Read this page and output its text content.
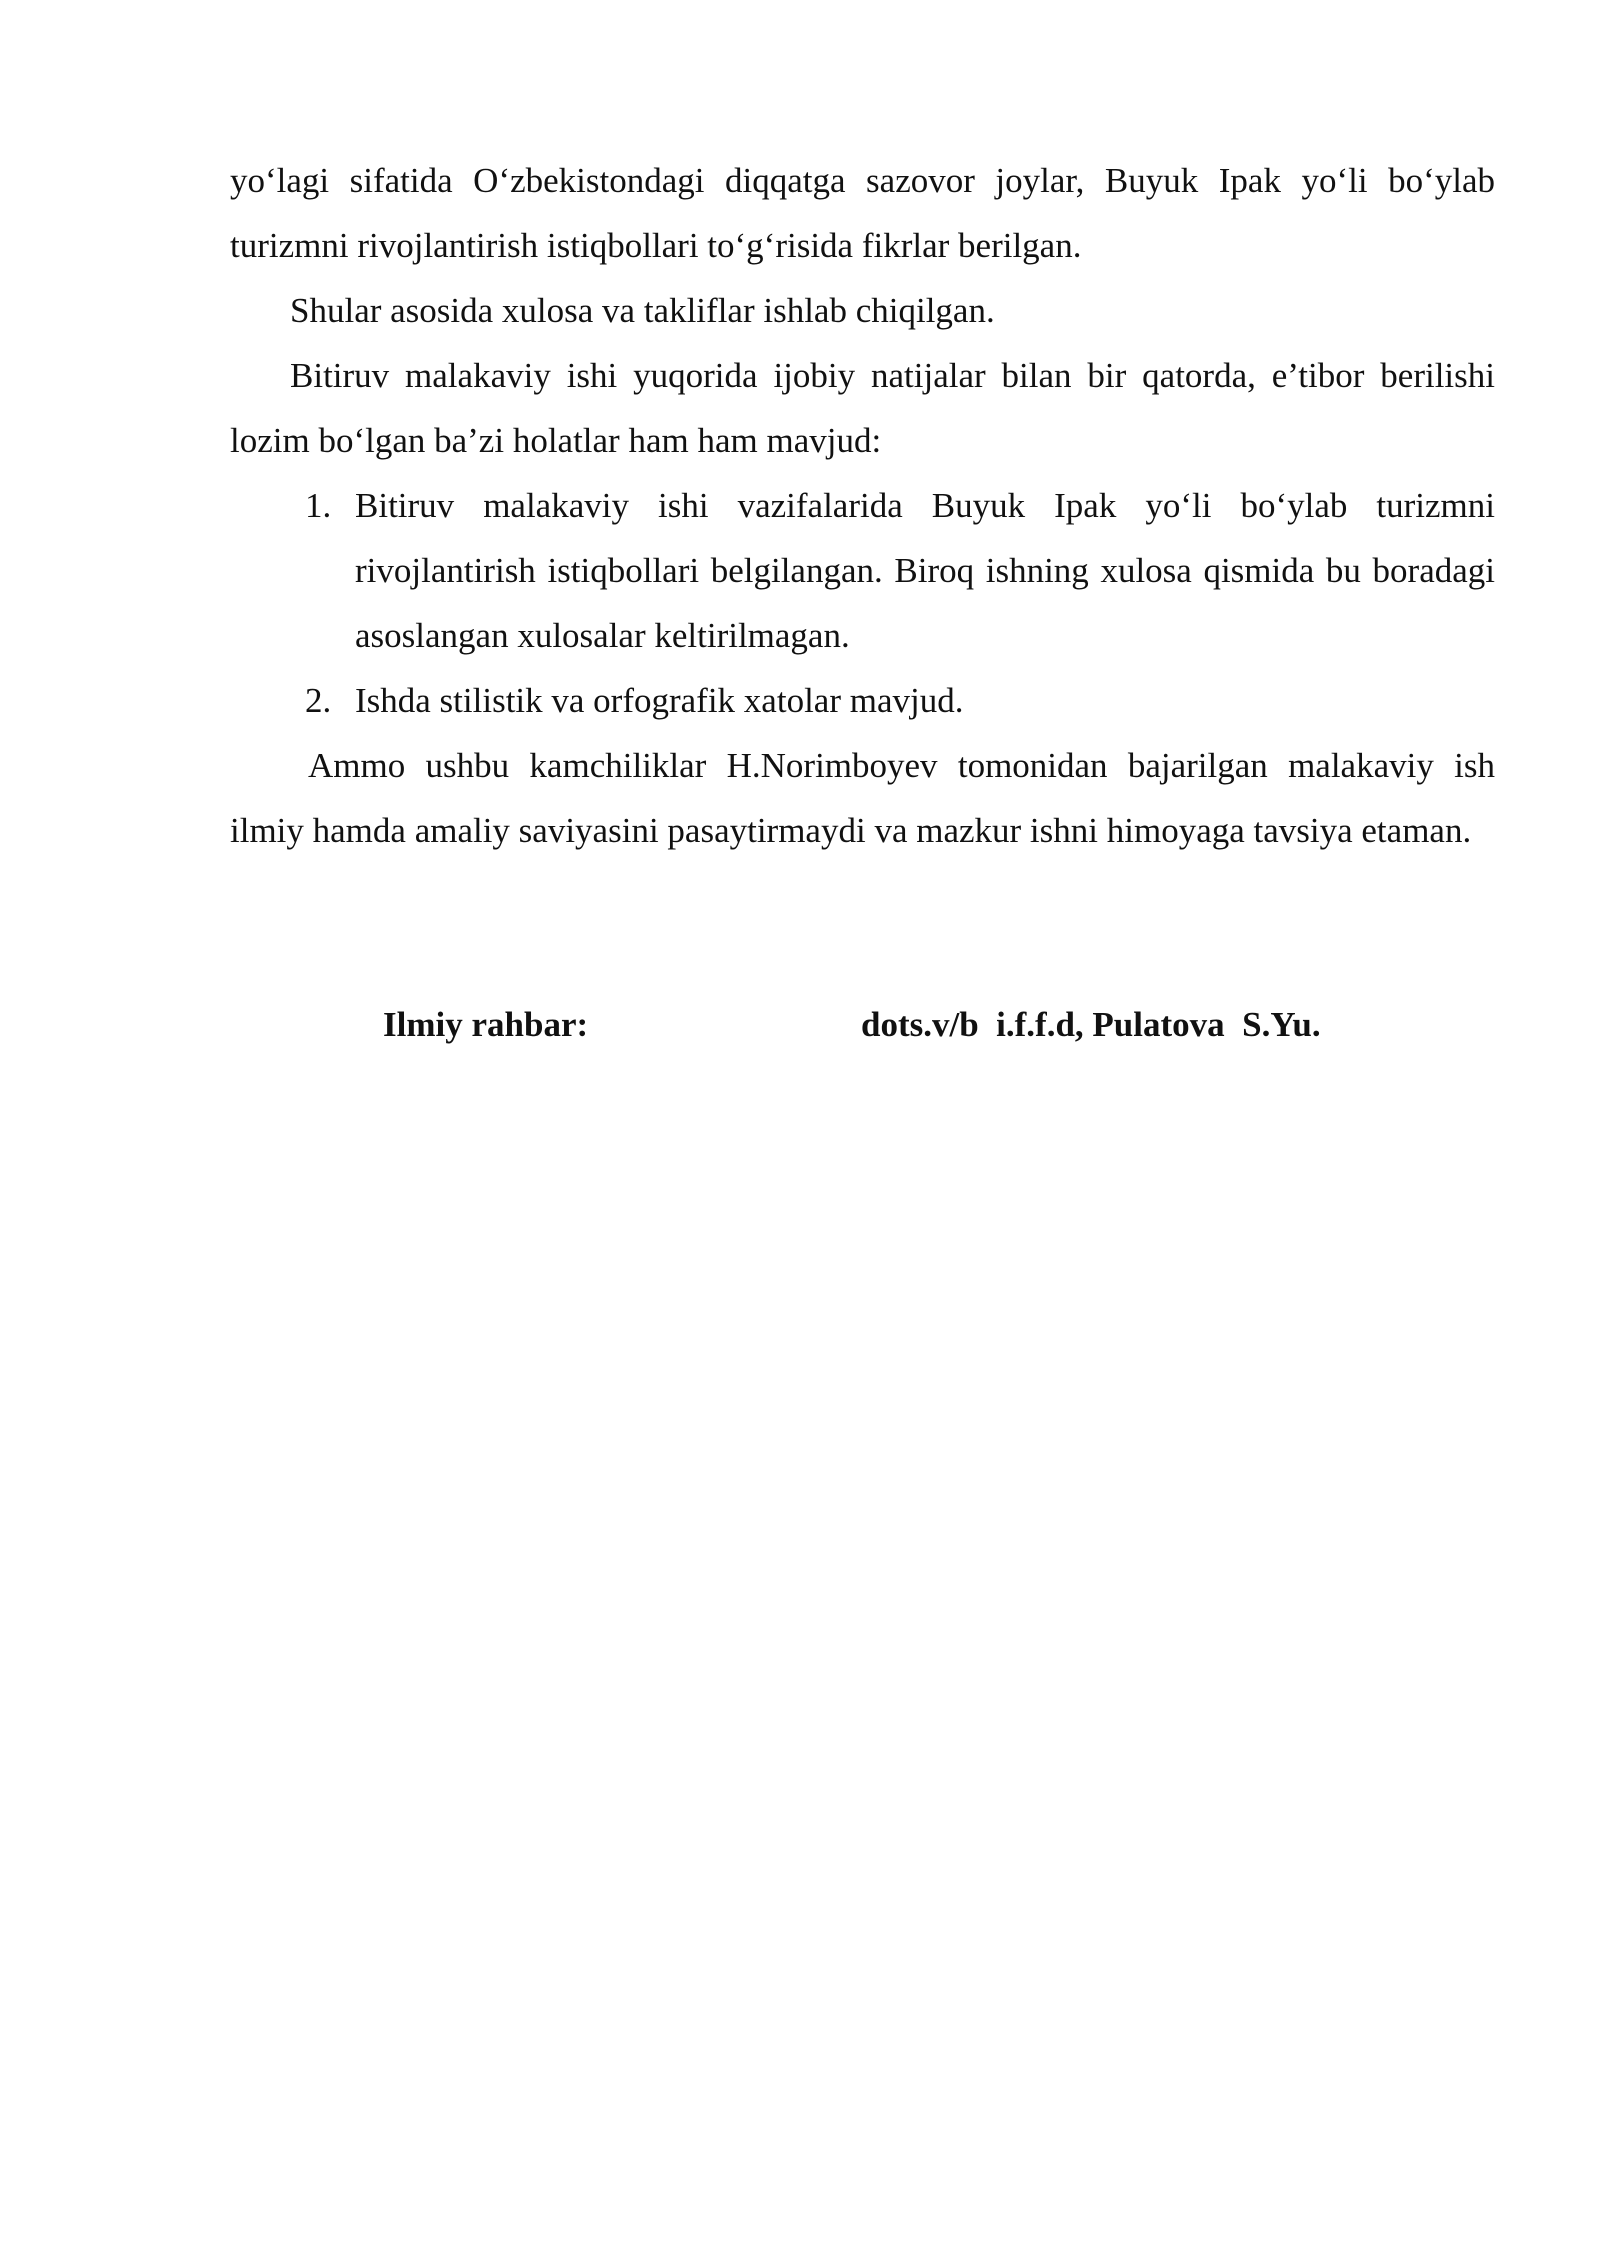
yo‘lagi sifatida O‘zbekistondagi diqqatga sazovor joylar, Buyuk Ipak yo‘li bo‘ylab turizmni rivojlantirish istiqbollari to‘g‘risida fikrlar berilgan.

Shular asosida xulosa va takliflar ishlab chiqilgan.

Bitiruv malakaviy ishi yuqorida ijobiy natijalar bilan bir qatorda, e’tibor berilishi lozim bo‘lgan ba’zi holatlar ham ham mavjud:

1. Bitiruv malakaviy ishi vazifalarida Buyuk Ipak yo‘li bo‘ylab turizmni rivojlantirish istiqbollari belgilangan. Biroq ishning xulosa qismida bu boradagi asoslangan xulosalar keltirilmagan.
2. Ishda stilistik va orfografik xatolar mavjud.

Ammo ushbu kamchiliklar H.Norimboyev tomonidan bajarilgan malakaviy ish ilmiy hamda amaliy saviyasini pasaytirmaydi va mazkur ishni himoyaga tavsiya etaman.

Ilmiy rahbar:	dots.v/b  i.f.f.d, Pulatova  S.Yu.
